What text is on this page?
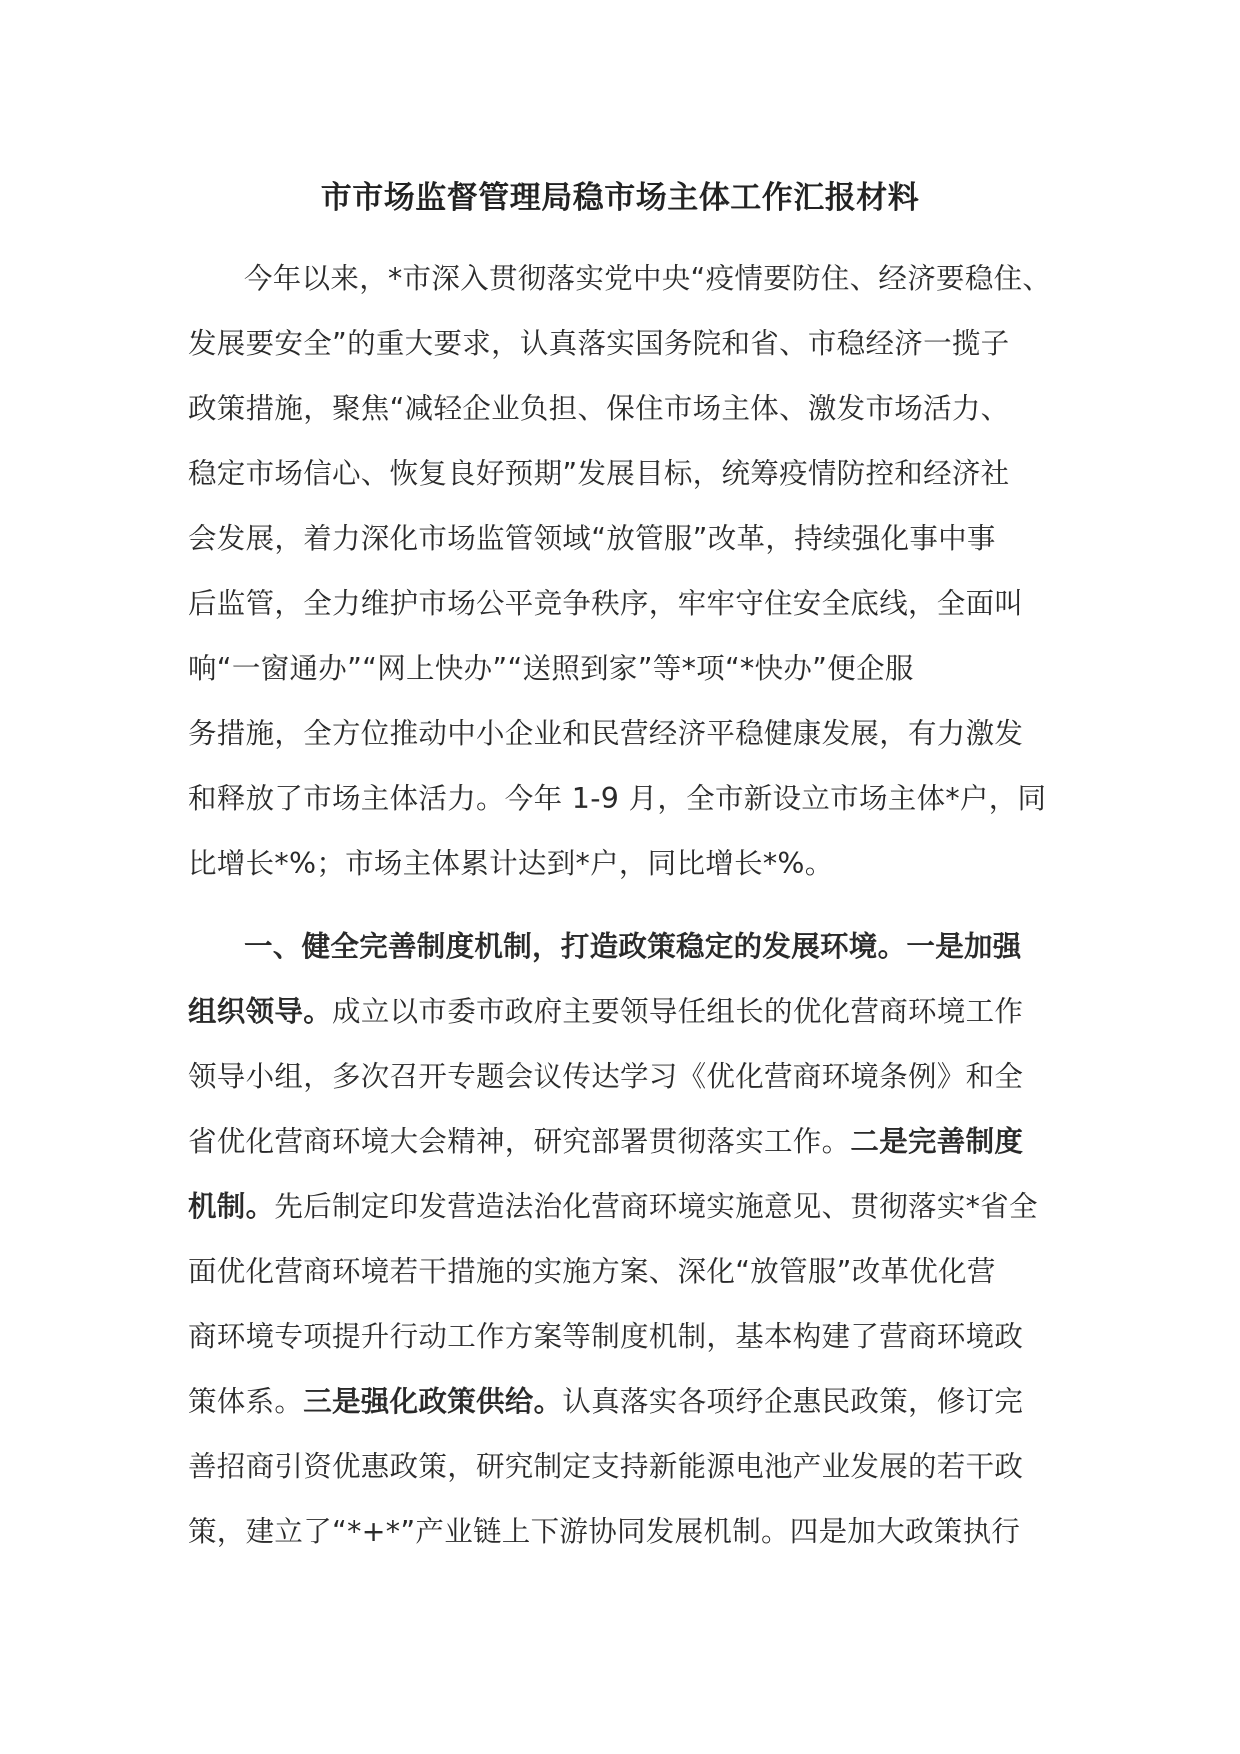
市市场监督管理局稳市场主体工作汇报材料
今年以来，*市深入贯彻落实党中央“疫情要防住、经济要稳住、
发展要安全”的重大要求，认真落实国务院和省、市稳经济一揽子
政策措施，聚焦“减轻企业负担、保住市场主体、激发市场活力、
稳定市场信心、恢复良好预期”发展目标，统筹疫情防控和经济社
会发展，着力深化市场监管领域“放管服”改革，持续强化事中事
后监管，全力维护市场公平竞争秩序，牢牢守住安全底线，全面叫
响“一窗通办”“网上快办”“送照到家”等*项“*快办”便企服
务措施，全方位推动中小企业和民营经济平稳健康发展，有力激发
和释放了市场主体活力。今年 1-9 月，全市新设立市场主体*户，同
比增长*%；市场主体累计达到*户，同比增长*%。
一、健全完善制度机制，打造政策稳定的发展环境。一是加强
组织领导。成立以市委市政府主要领导任组长的优化营商环境工作
领导小组，多次召开专题会议传达学习《优化营商环境条例》和全
省优化营商环境大会精神，研究部署贯彻落实工作。二是完善制度
机制。先后制定印发营造法治化营商环境实施意见、贯彻落实*省全
面优化营商环境若干措施的实施方案、深化“放管服”改革优化营
商环境专项提升行动工作方案等制度机制，基本构建了营商环境政
策体系。三是强化政策供给。认真落实各项纾企惠民政策，修订完
善招商引资优惠政策，研究制定支持新能源电池产业发展的若干政
策，建立了“*+*”产业链上下游协同发展机制。四是加大政策执行
